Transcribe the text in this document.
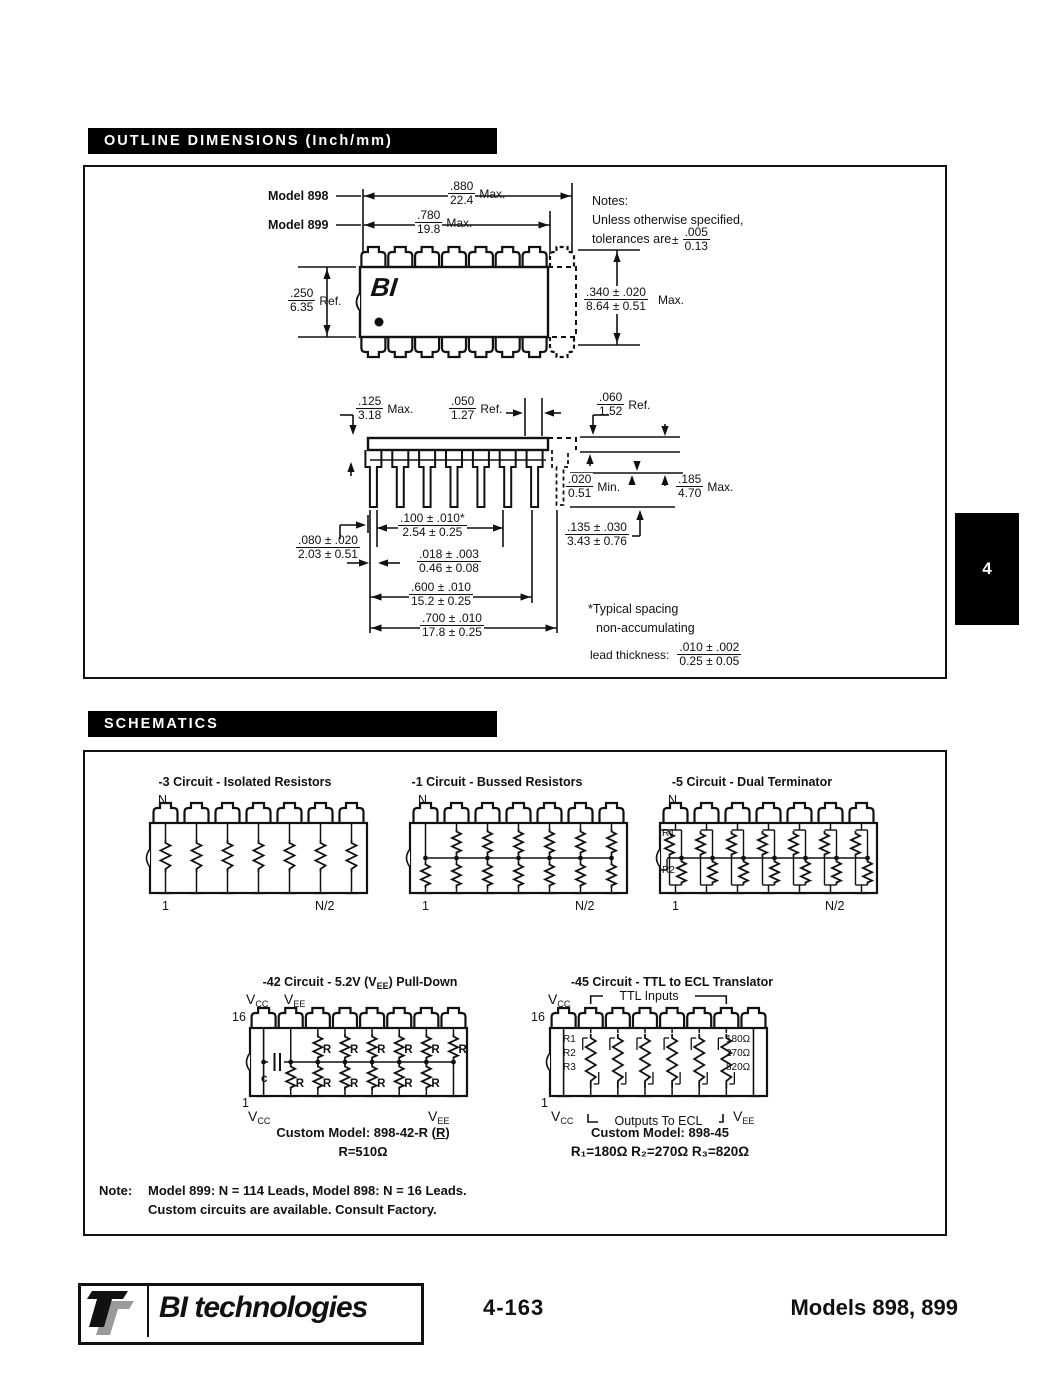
OUTLINE DIMENSIONS (Inch/mm)
Model 898
Model 899
$\frac{.880}{22.4}$ Max.
$\frac{.780}{19.8}$ Max.
Notes:
Unless otherwise specified,
tolerances are ± $\frac{.005}{0.13}$
BI
$\frac{.250}{6.35}$ Ref.	$\frac{.340 \pm .020}{8.64 \pm 0.51}$ Max.
$\frac{.125}{3.18}$ Max.	$\frac{.050}{1.27}$ Ref.	$\frac{.060}{1.52}$ Ref.
$\frac{.020}{0.51}$ Min.	$\frac{.185}{4.70}$ Max.
$\frac{.100 \pm .010*}{2.54 \pm 0.25}$
$\frac{.018 \pm .003}{0.46 \pm 0.08}$
$\frac{.600 \pm .010}{15.2 \pm 0.25}$
$\frac{.700 \pm .010}{17.8 \pm 0.25}$
$\frac{.080 \pm .020}{2.03 \pm 0.51}$	$\frac{.135 \pm .030}{3.43 \pm 0.76}$
*Typical spacing
non-accumulating
lead thickness: $\frac{.010 \pm .002}{0.25 \pm 0.05}$
4
SCHEMATICS
c
R R R R R R
R R R R R R
-3 Circuit - Isolated Resistors	-1 Circuit - Bussed Resistors	-5 Circuit - Dual Terminator
N	N	N
1	1	1
N/2	N/2	N/2
R1
R2
-42 Circuit - 5.2V $(V_{EE})$ Pull-Down
$V_{CC}$ $V_{EE}$
16
1
$V_{CC}$	$V_{EE}$
Custom Model: 898-42-R (R)
R=510Ω
-45 Circuit - TTL to ECL Translator
$V_{CC}$
TTL Inputs
16
1
R1
R2
R3
180Ω
270Ω
820Ω
$V_{CC}$	Outputs To ECL	$V_{EE}$
Custom Model: 898-45
R₁=180Ω R₂=270Ω R₃=820Ω
Note: Model 899: N = 114 Leads, Model 898: N = 16 Leads.
Custom circuits are available. Consult Factory.
BI technologies	4-163	Models 898, 899
